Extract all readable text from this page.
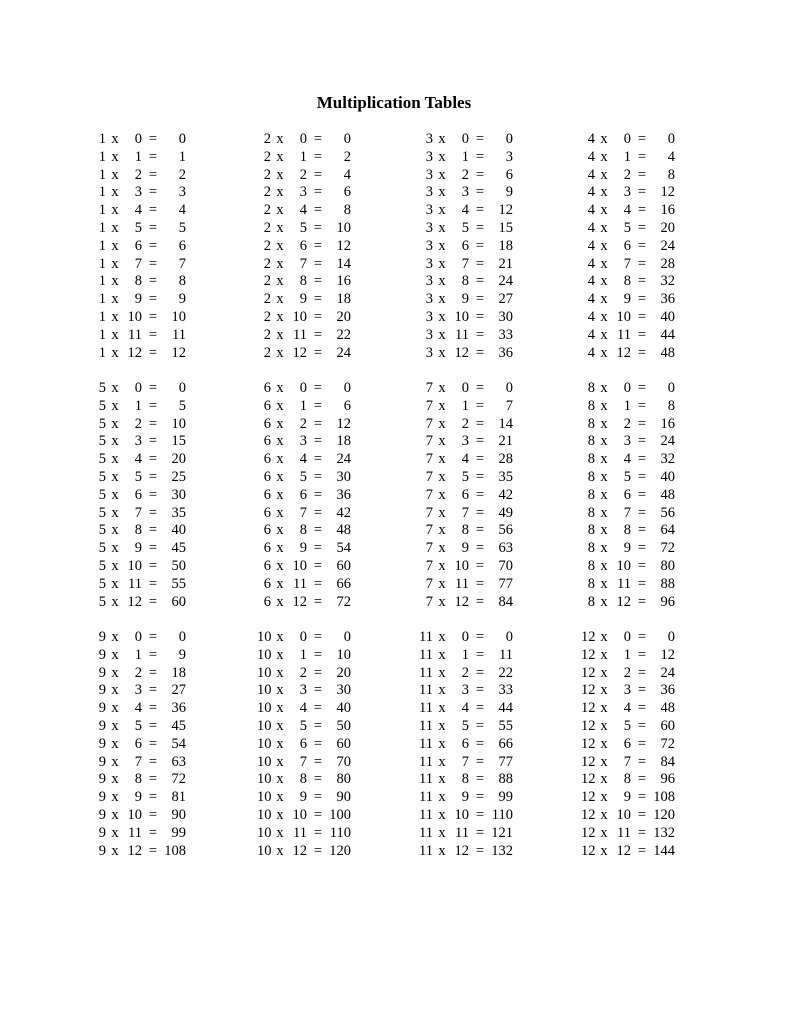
Multiplication Tables
1 x	0 =	0
1 x	1 =	1
1 x	2 =	2
1 x	3 =	3
1 x	4 =	4
1 x	5 =	5
1 x	6 =	6
1 x	7 =	7
1 x	8 =	8
1 x	9 =	9
1 x 10 = 10
1 x 11 =	11
1 x 12 = 12
2 x	0 =	0
2 x	1 =	2
2 x	2 =	4
2 x	3 =	6
2 x	4 =	8
2 x	5 = 10
2 x	6 = 12
2 x	7 = 14
2 x	8 = 16
2 x	9 = 18
2 x 10 = 20
2 x 11 = 22
2 x 12 = 24
3 x	0 =	0
3 x	1 =	3
3 x	2 =	6
3 x	3 =	9
3 x	4 = 12
3 x	5 = 15
3 x	6 = 18
3 x	7 = 21
3 x	8 = 24
3 x	9 = 27
3 x 10 = 30
3 x 11 = 33
3 x 12 = 36
4 x	0 =	0
4 x	1 =	4
4 x	2 =	8
4 x	3 = 12
4 x	4 = 16
4 x	5 = 20
4 x	6 = 24
4 x	7 = 28
4 x	8 = 32
4 x	9 = 36
4 x 10 = 40
4 x 11 = 44
4 x 12 = 48
5 x	0 =	0
5 x	1 =	5
5 x	2 = 10
5 x	3 = 15
5 x	4 = 20
5 x	5 = 25
5 x	6 = 30
5 x	7 = 35
5 x	8 = 40
5 x	9 = 45
5 x 10 = 50
5 x 11 = 55
5 x 12 = 60
6 x	0 =	0
6 x	1 =	6
6 x	2 = 12
6 x	3 = 18
6 x	4 = 24
6 x	5 = 30
6 x	6 = 36
6 x	7 = 42
6 x	8 = 48
6 x	9 = 54
6 x 10 = 60
6 x 11 = 66
6 x 12 = 72
7 x	0 =	0
7 x	1 =	7
7 x	2 = 14
7 x	3 = 21
7 x	4 = 28
7 x	5 = 35
7 x	6 = 42
7 x	7 = 49
7 x	8 = 56
7 x	9 = 63
7 x 10 = 70
7 x 11 = 77
7 x 12 = 84
8 x	0 =	0
8 x	1 =	8
8 x	2 = 16
8 x	3 = 24
8 x	4 = 32
8 x	5 = 40
8 x	6 = 48
8 x	7 = 56
8 x	8 = 64
8 x	9 = 72
8 x 10 = 80
8 x 11 = 88
8 x 12 = 96
9 x	0 =	0
9 x	1 =	9
9 x	2 = 18
9 x	3 = 27
9 x	4 = 36
9 x	5 = 45
9 x	6 = 54
9 x	7 = 63
9 x	8 = 72
9 x	9 = 81
9 x 10 = 90
9 x 11 = 99
9 x 12 = 108
10 x	0 =	0
10 x	1 = 10
10 x	2 = 20
10 x	3 = 30
10 x	4 = 40
10 x	5 = 50
10 x	6 = 60
10 x	7 = 70
10 x	8 = 80
10 x	9 = 90
10 x 10 = 100
10 x 11 = 110
10 x 12 = 120
11 x	0 =	0
11 x	1 =	11
11 x	2 = 22
11 x	3 = 33
11 x	4 = 44
11 x	5 = 55
11 x	6 = 66
11 x	7 = 77
11 x	8 = 88
11 x	9 = 99
11 x 10 = 110
11 x 11 = 121
11 x 12 = 132
12 x	0 =	0
12 x	1 = 12
12 x	2 = 24
12 x	3 = 36
12 x	4 = 48
12 x	5 = 60
12 x	6 = 72
12 x	7 = 84
12 x	8 = 96
12 x	9 = 108
12 x 10 = 120
12 x 11 = 132
12 x 12 = 144
